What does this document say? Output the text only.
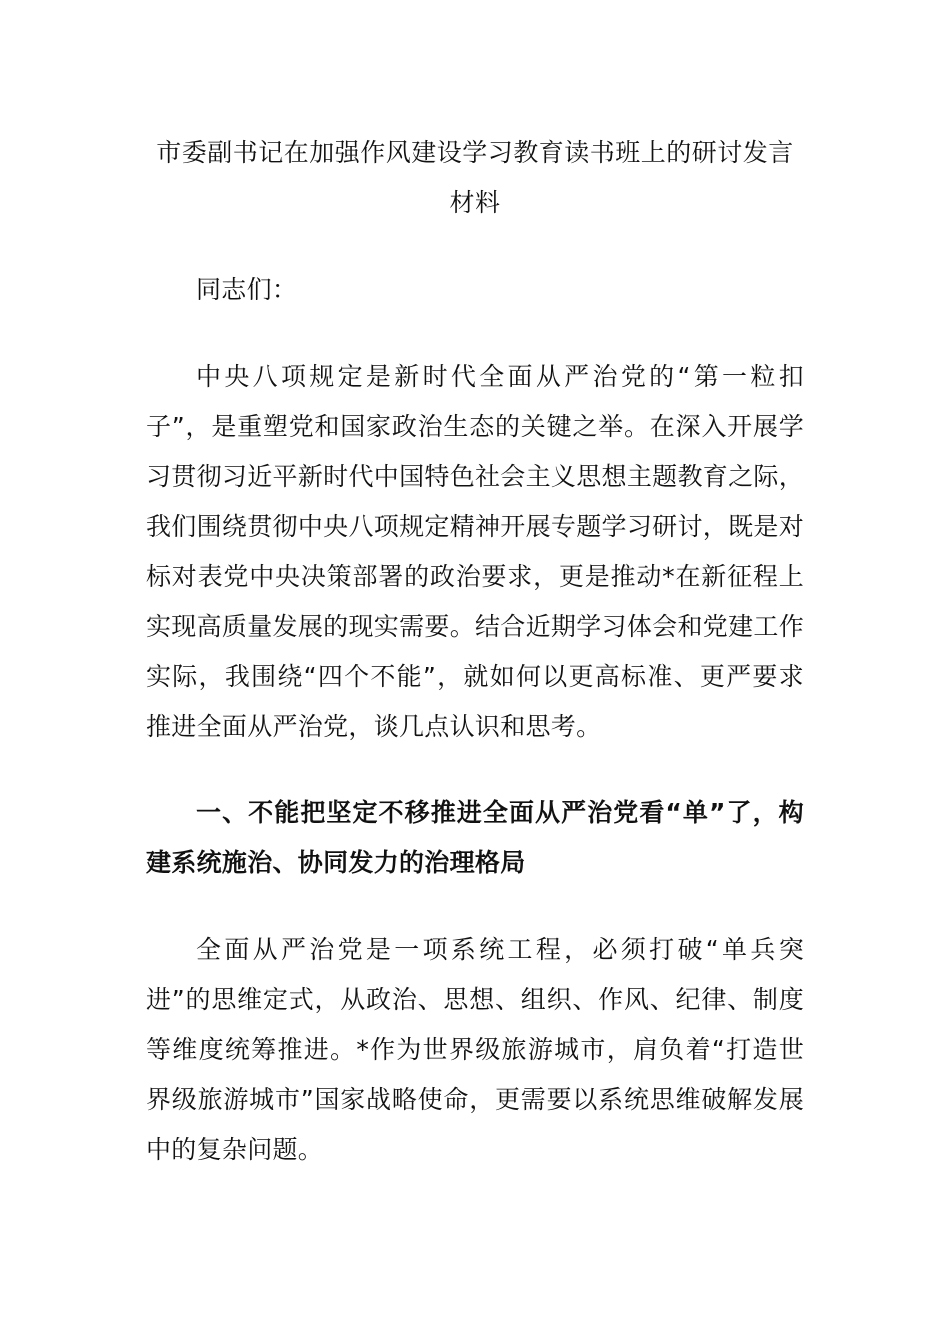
市委副书记在加强作风建设学习教育读书班上的研讨发言材料

同志们：

中央八项规定是新时代全面从严治党的“第一粒扣子”，是重塑党和国家政治生态的关键之举。在深入开展学习贯彻习近平新时代中国特色社会主义思想主题教育之际，我们围绕贯彻中央八项规定精神开展专题学习研讨，既是对标对表党中央决策部署的政治要求，更是推动*在新征程上实现高质量发展的现实需要。结合近期学习体会和党建工作实际，我围绕“四个不能”，就如何以更高标准、更严要求推进全面从严治党，谈几点认识和思考。

一、不能把坚定不移推进全面从严治党看“单”了，构建系统施治、协同发力的治理格局

全面从严治党是一项系统工程，必须打破“单兵突进”的思维定式，从政治、思想、组织、作风、纪律、制度等维度统筹推进。*作为世界级旅游城市，肩负着“打造世界级旅游城市”国家战略使命，更需要以系统思维破解发展中的复杂问题。
